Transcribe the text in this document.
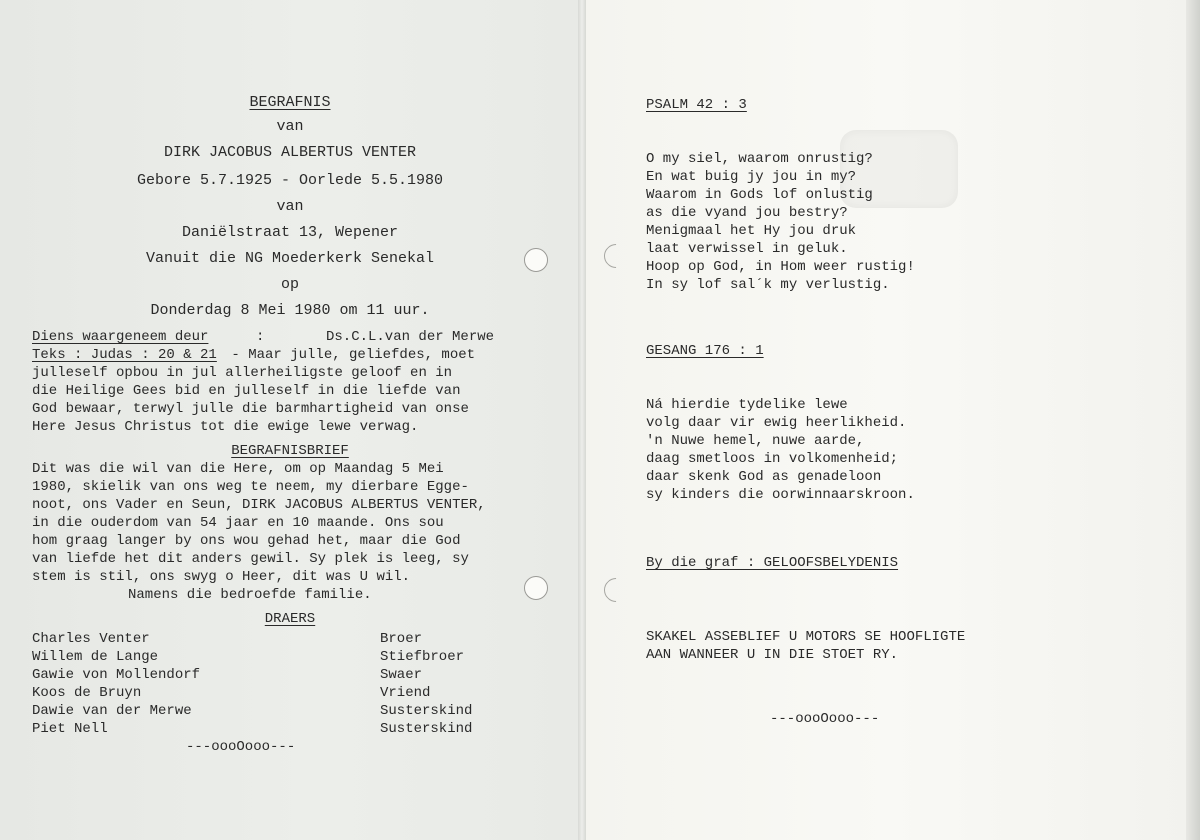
BEGRAFNIS
van
DIRK JACOBUS ALBERTUS VENTER
Gebore 5.7.1925 - Oorlede 5.5.1980
van
Daniëlstraat 13, Wepener
Vanuit die NG Moederkerk Senekal
op
Donderdag 8 Mei 1980 om 11 uur.
Diens waargeneem deur	:	Ds.C.L.van der Merwe
Teks : Judas : 20 & 21 - Maar julle, geliefdes, moet
julleself opbou in jul allerheiligste geloof en in
die Heilige Gees bid en julleself in die liefde van
God bewaar, terwyl julle die barmhartigheid van onse
Here Jesus Christus tot die ewige lewe verwag.
BEGRAFNISBRIEF
Dit was die wil van die Here, om op Maandag 5 Mei
1980, skielik van ons weg te neem, my dierbare Egge-
noot, ons Vader en Seun, DIRK JACOBUS ALBERTUS VENTER,
in die ouderdom van 54 jaar en 10 maande. Ons sou
hom graag langer by ons wou gehad het, maar die God
van liefde het dit anders gewil. Sy plek is leeg, sy
stem is stil, ons swyg o Heer, dit was U wil.
Namens die bedroefde familie.
DRAERS
Charles Venter	Broer
Willem de Lange	Stiefbroer
Gawie von Mollendorf	Swaer
Koos de Bruyn	Vriend
Dawie van der Merwe	Susterskind
Piet Nell	Susterskind
---oooOooo---
PSALM 42 : 3
O my siel, waarom onrustig?
En wat buig jy jou in my?
Waarom in Gods lof onlustig
as die vyand jou bestry?
Menigmaal het Hy jou druk
laat verwissel in geluk.
Hoop op God, in Hom weer rustig!
In sy lof sal´k my verlustig.
GESANG 176 : 1
Ná hierdie tydelike lewe
volg daar vir ewig heerlikheid.
'n Nuwe hemel, nuwe aarde,
daag smetloos in volkomenheid;
daar skenk God as genadeloon
sy kinders die oorwinnaarskroon.
By die graf : GELOOFSBELYDENIS
SKAKEL ASSEBLIEF U MOTORS SE HOOFLIGTE
AAN WANNEER U IN DIE STOET RY.
---oooOooo---
